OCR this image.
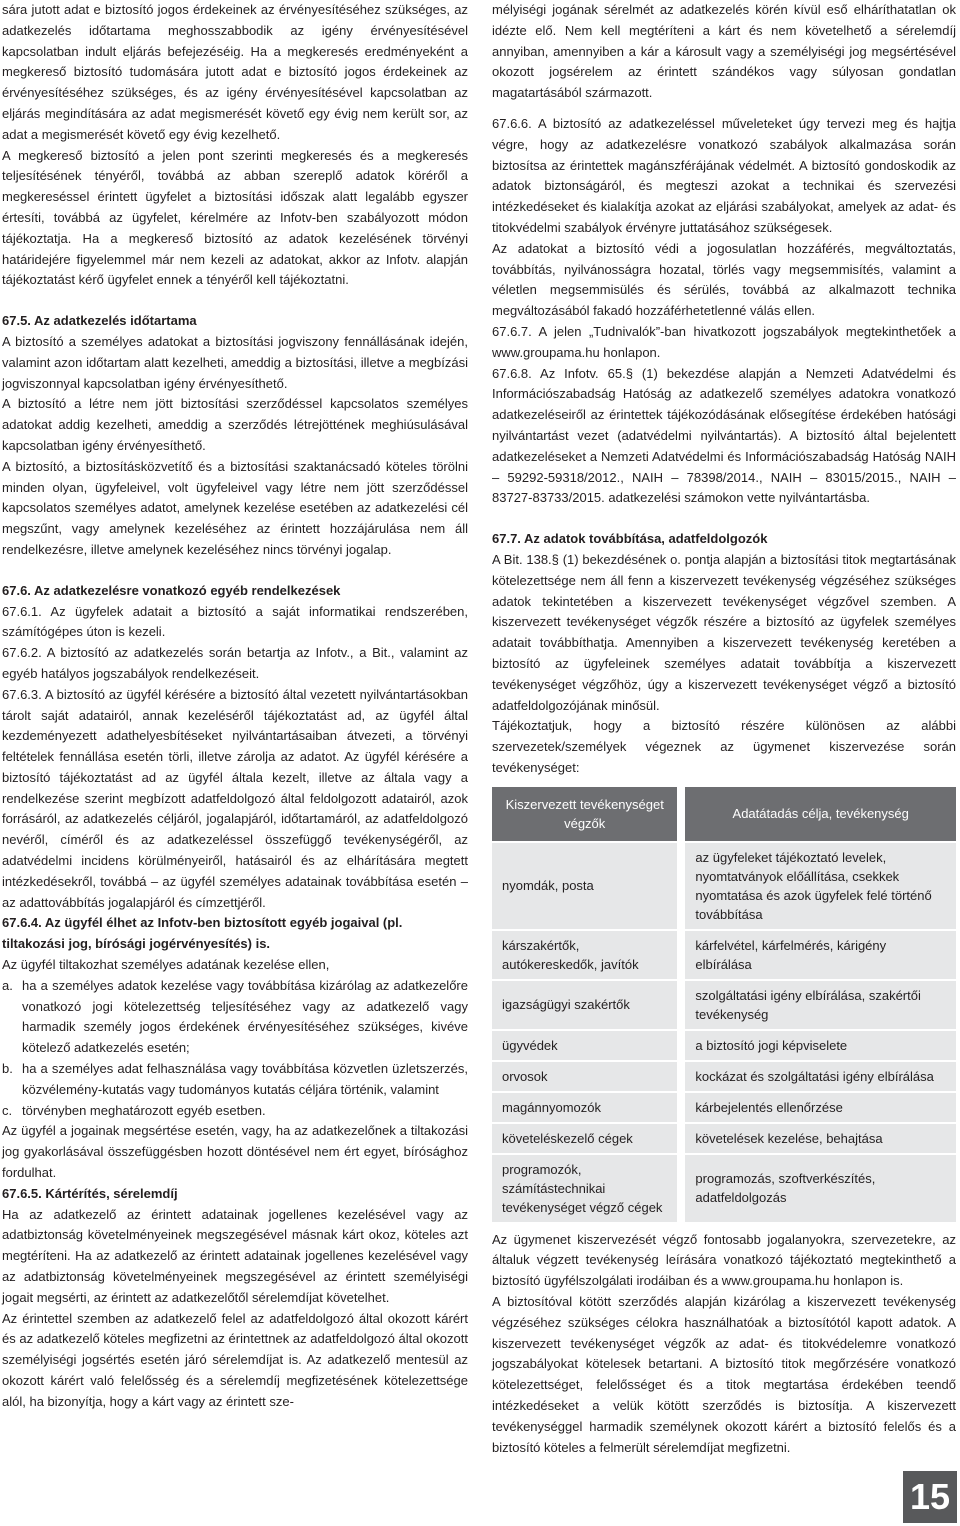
sára jutott adat e biztosító jogos érdekeinek az érvényesítéséhez szükséges, az adatkezelés időtartama meghosszabbodik az igény érvényesítésével kapcsolatban indult eljárás befejezéséig. Ha a megkeresés eredményeként a megkereső biztosító tudomására jutott adat e biztosító jogos érdekeinek az érvényesítéséhez szükséges, és az igény érvényesítésével kapcsolatban az eljárás megindítására az adat megismerését követő egy évig nem került sor, az adat a megismerését követő egy évig kezelhető.

A megkereső biztosító a jelen pont szerinti megkeresés és a megkeresés teljesítésének tényéről, továbbá az abban szereplő adatok köréről a megkereséssel érintett ügyfelet a biztosítási időszak alatt legalább egyszer értesíti, továbbá az ügyfelet, kérelmére az Infotv-ben szabályozott módon tájékoztatja. Ha a megkereső biztosító az adatok kezelésének törvényi határidejére figyelemmel már nem kezeli az adatokat, akkor az Infotv. alapján tájékoztatást kérő ügyfelet ennek a tényéről kell tájékoztatni.

67.5. Az adatkezelés időtartama

A biztosító a személyes adatokat a biztosítási jogviszony fennállásának idején, valamint azon időtartam alatt kezelheti, ameddig a biztosítási, illetve a megbízási jogviszonnyal kapcsolatban igény érvényesíthető.

A biztosító a létre nem jött biztosítási szerződéssel kapcsolatos személyes adatokat addig kezelheti, ameddig a szerződés létrejöttének meghiúsulásával kapcsolatban igény érvényesíthető.

A biztosító, a biztosításközvetítő és a biztosítási szaktanácsadó köteles törölni minden olyan, ügyfeleivel, volt ügyfeleivel vagy létre nem jött szerződéssel kapcsolatos személyes adatot, amelynek kezelése esetében az adatkezelési cél megszűnt, vagy amelynek kezeléséhez az érintett hozzájárulása nem áll rendelkezésre, illetve amelynek kezeléséhez nincs törvényi jogalap.

67.6. Az adatkezelésre vonatkozó egyéb rendelkezések

67.6.1. Az ügyfelek adatait a biztosító a saját informatikai rendszerében, számítógépes úton is kezeli.

67.6.2. A biztosító az adatkezelés során betartja az Infotv., a Bit., valamint az egyéb hatályos jogszabályok rendelkezéseit.

67.6.3. A biztosító az ügyfél kérésére a biztosító által vezetett nyilvántartásokban tárolt saját adatairól, annak kezeléséről tájékoztatást ad, az ügyfél által kezdeményezett adathelyesbítéseket nyilvántartásaiban átvezeti, a törvényi feltételek fennállása esetén törli, illetve zárolja az adatot. Az ügyfél kérésére a biztosító tájékoztatást ad az ügyfél általa kezelt, illetve az általa vagy a rendelkezése szerint megbízott adatfeldolgozó által feldolgozott adatairól, azok forrásáról, az adatkezelés céljáról, jogalapjáról, időtartamáról, az adatfeldolgozó nevéről, címéről és az adatkezeléssel összefüggő tevékenységéről, az adatvédelmi incidens körülményeiről, hatásairól és az elhárítására megtett intézkedésekről, továbbá – az ügyfél személyes adatainak továbbítása esetén – az adattovábbítás jogalapjáról és címzettjéről.

67.6.4. Az ügyfél élhet az Infotv-ben biztosított egyéb jogaival (pl. tiltakozási jog, bírósági jogérvényesítés) is.

Az ügyfél tiltakozhat személyes adatának kezelése ellen,

a. ha a személyes adatok kezelése vagy továbbítása kizárólag az adatkezelőre vonatkozó jogi kötelezettség teljesítéséhez vagy az adatkezelő vagy harmadik személy jogos érdekének érvényesítéséhez szükséges, kivéve kötelező adatkezelés esetén;
b. ha a személyes adat felhasználása vagy továbbítása közvetlen üzletszerzés, közvélemény-kutatás vagy tudományos kutatás céljára történik, valamint
c. törvényben meghatározott egyéb esetben.

Az ügyfél a jogainak megsértése esetén, vagy, ha az adatkezelőnek a tiltakozási jog gyakorlásával összefüggésben hozott döntésével nem ért egyet, bírósághoz fordulhat.

67.6.5. Kártérítés, sérelemdíj

Ha az adatkezelő az érintett adatainak jogellenes kezelésével vagy az adatbiztonság követelményeinek megszegésével másnak kárt okoz, köteles azt megtéríteni. Ha az adatkezelő az érintett adatainak jogellenes kezelésével vagy az adatbiztonság követelményeinek megszegésével az érintett személyiségi jogait megsérti, az érintett az adatkezelőtől sérelemdíjat követelhet.

Az érintettel szemben az adatkezelő felel az adatfeldolgozó által okozott kárért és az adatkezelő köteles megfizetni az érintettnek az adatfeldolgozó által okozott személyiségi jogsértés esetén járó sérelemdíjat is. Az adatkezelő mentesül az okozott kárért való felelősség és a sérelemdíj megfizetésének kötelezettsége alól, ha bizonyítja, hogy a kárt vagy az érintett sze-

mélyiségi jogának sérelmét az adatkezelés körén kívül eső elháríthatatlan ok idézte elő. Nem kell megtéríteni a kárt és nem követelhető a sérelemdíj annyiban, amennyiben a kár a károsult vagy a személyiségi jog megsértésével okozott jogsérelem az érintett szándékos vagy súlyosan gondatlan magatartásából származott.

67.6.6. A biztosító az adatkezeléssel műveleteket úgy tervezi meg és hajtja végre, hogy az adatkezelésre vonatkozó szabályok alkalmazása során biztosítsa az érintettek magánszférájának védelmét. A biztosító gondoskodik az adatok biztonságáról, és megteszi azokat a technikai és szervezési intézkedéseket és kialakítja azokat az eljárási szabályokat, amelyek az adat- és titokvédelmi szabályok érvényre juttatásához szükségesek.

Az adatokat a biztosító védi a jogosulatlan hozzáférés, megváltoztatás, továbbítás, nyilvánosságra hozatal, törlés vagy megsemmisítés, valamint a véletlen megsemmisülés és sérülés, továbbá az alkalmazott technika megváltozásából fakadó hozzáférhetetlenné válás ellen.

67.6.7. A jelen „Tudnivalók”-ban hivatkozott jogszabályok megtekinthetőek a www.groupama.hu honlapon.

67.6.8. Az Infotv. 65.§ (1) bekezdése alapján a Nemzeti Adatvédelmi és Információszabadság Hatóság az adatkezelő személyes adatokra vonatkozó adatkezeléseiről az érintettek tájékozódásának elősegítése érdekében hatósági nyilvántartást vezet (adatvédelmi nyilvántartás). A biztosító által bejelentett adatkezeléseket a Nemzeti Adatvédelmi és Információszabadság Hatóság NAIH – 59292-59318/2012., NAIH – 78398/2014., NAIH – 83015/2015., NAIH – 83727-83733/2015. adatkezelési számokon vette nyilvántartásba.

67.7. Az adatok továbbítása, adatfeldolgozók

A Bit. 138.§ (1) bekezdésének o. pontja alapján a biztosítási titok megtartásának kötelezettsége nem áll fenn a kiszervezett tevékenység végzéséhez szükséges adatok tekintetében a kiszervezett tevékenységet végzővel szemben. A kiszervezett tevékenységet végzők részére a biztosító az ügyfelek személyes adatait továbbíthatja. Amennyiben a kiszervezett tevékenység keretében a biztosító az ügyfeleinek személyes adatait továbbítja a kiszervezett tevékenységet végzőhöz, úgy a kiszervezett tevékenységet végző a biztosító adatfeldolgozójának minősül.

Tájékoztatjuk, hogy a biztosító részére különösen az alábbi szervezetek/személyek végeznek az ügymenet kiszervezése során tevékenységet:

Kiszervezett tevékenységet végzők	Adatátadás célja, tevékenység
nyomdák, posta	az ügyfeleket tájékoztató levelek, nyomtatványok előállítása, csekkek nyomtatása és azok ügyfelek felé történő továbbítása
kárszakértők, autókereskedők, javítók	kárfelvétel, kárfelmérés, kárigény elbírálása
igazságügyi szakértők	szolgáltatási igény elbírálása, szakértői tevékenység
ügyvédek	a biztosító jogi képviselete
orvosok	kockázat és szolgáltatási igény elbírálása
magánnyomozók	kárbejelentés ellenőrzése
követeléskezelő cégek	követelések kezelése, behajtása
programozók, számítástechnikai tevékenységet végző cégek	programozás, szoftverkészítés, adatfeldolgozás

Az ügymenet kiszervezését végző fontosabb jogalanyokra, szervezetekre, az általuk végzett tevékenység leírására vonatkozó tájékoztató megtekinthető a biztosító ügyfélszolgálati irodáiban és a www.groupama.hu honlapon is.

A biztosítóval kötött szerződés alapján kizárólag a kiszervezett tevékenység végzéséhez szükséges célokra használhatóak a biztosítótól kapott adatok. A kiszervezett tevékenységet végzők az adat- és titokvédelemre vonatkozó jogszabályokat kötelesek betartani. A biztosító titok megőrzésére vonatkozó kötelezettséget, felelősséget és a titok megtartása érdekében teendő intézkedéseket a velük kötött szerződés is biztosítja. A kiszervezett tevékenységgel harmadik személynek okozott kárért a biztosító felelős és a biztosító köteles a felmerült sérelemdíjat megfizetni.

15
